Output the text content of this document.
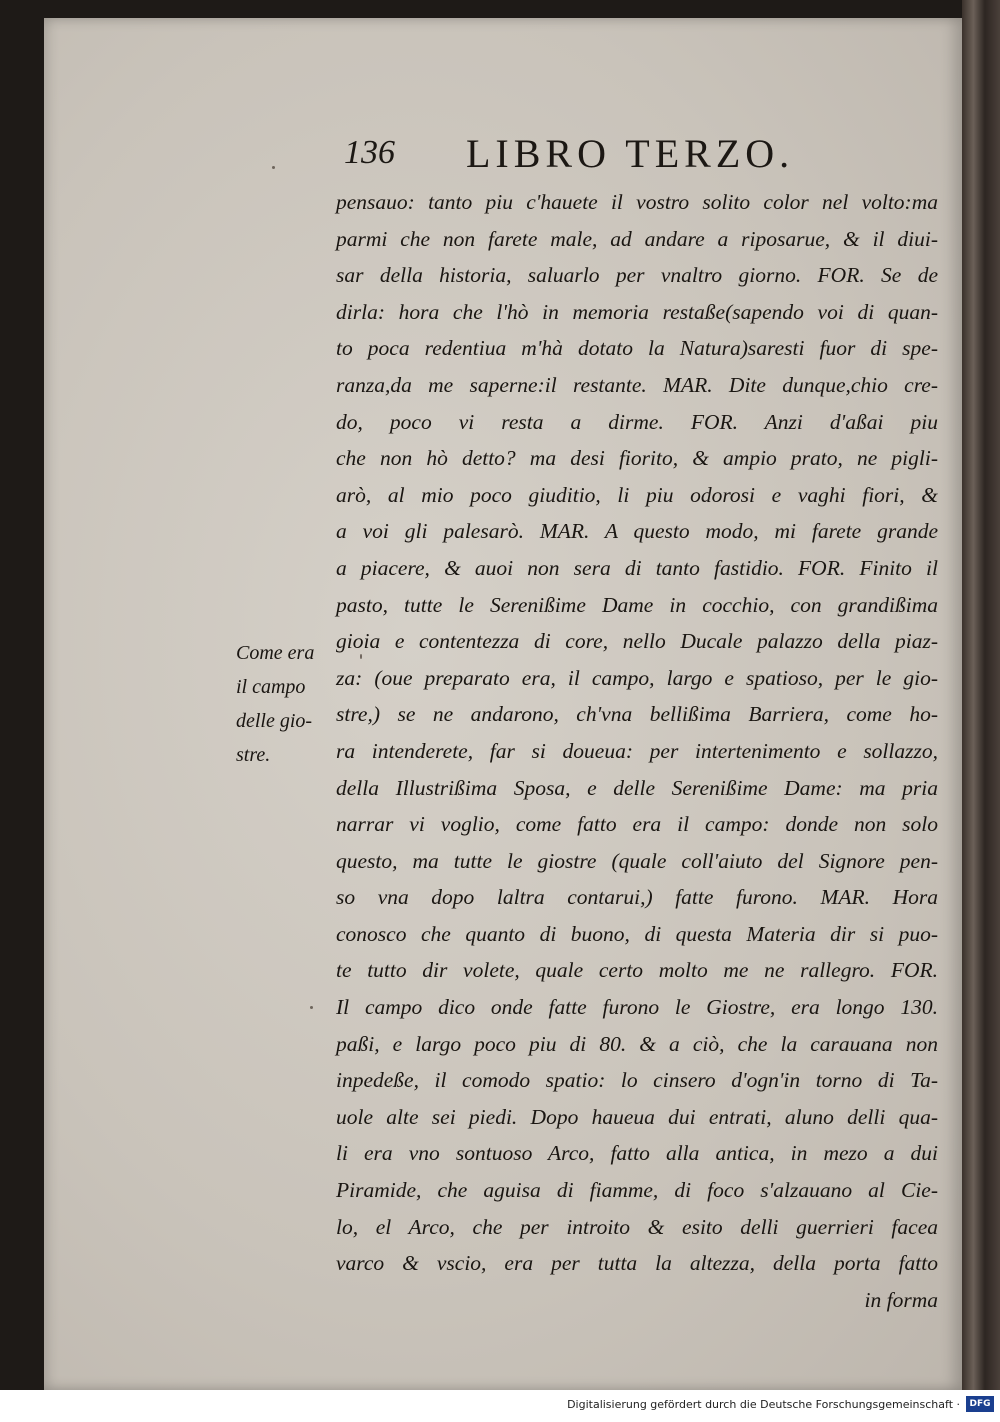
136 LIBRO TERZO.
Come era
il campo
delle gio-
stre.
pensauo: tanto piu c'hauete il vostro solito color nel volto:ma
parmi che non farete male, ad andare a riposarue, & il diui-
sar della historia, saluarlo per vnaltro giorno. FOR. Se de
dirla: hora che l'hò in memoria restaße(sapendo voi di quan-
to poca redentiua m'hà dotato la Natura)saresti fuor di spe-
ranza,da me saperne:il restante. MAR. Dite dunque,chio cre-
do, poco vi resta a dirme. FOR. Anzi d'aßai piu
che non hò detto? ma desi fiorito, & ampio prato, ne pigli-
arò, al mio poco giuditio, li piu odorosi e vaghi fiori, &
a voi gli palesarò. MAR. A questo modo, mi farete grande
a piacere, & auoi non sera di tanto fastidio. FOR. Finito il
pasto, tutte le Serenißime Dame in cocchio, con grandißima
gioia e contentezza di core, nello Ducale palazzo della piaz-
za: (oue preparato era, il campo, largo e spatioso, per le gio-
stre,) se ne andarono, ch'vna bellißima Barriera, come ho-
ra intenderete, far si doueua: per intertenimento e sollazzo,
della Illustrißima Sposa, e delle Serenißime Dame: ma pria
narrar vi voglio, come fatto era il campo: donde non solo
questo, ma tutte le giostre (quale coll'aiuto del Signore pen-
so vna dopo laltra contarui,) fatte furono. MAR. Hora
conosco che quanto di buono, di questa Materia dir si puo-
te tutto dir volete, quale certo molto me ne rallegro. FOR.
Il campo dico onde fatte furono le Giostre, era longo 130.
paßi, e largo poco piu di 80. & a ciò, che la carauana non
inpedeße, il comodo spatio: lo cinsero d'ogn'in torno di Ta-
uole alte sei piedi. Dopo haueua dui entrati, aluno delli qua-
li era vno sontuoso Arco, fatto alla antica, in mezo a dui
Piramide, che aguisa di fiamme, di foco s'alzauano al Cie-
lo, el Arco, che per introito & esito delli guerrieri facea
varco & vscio, era per tutta la altezza, della porta fatto
in forma
Digitalisierung gefördert durch die Deutsche Forschungsgemeinschaft ·	DFG
